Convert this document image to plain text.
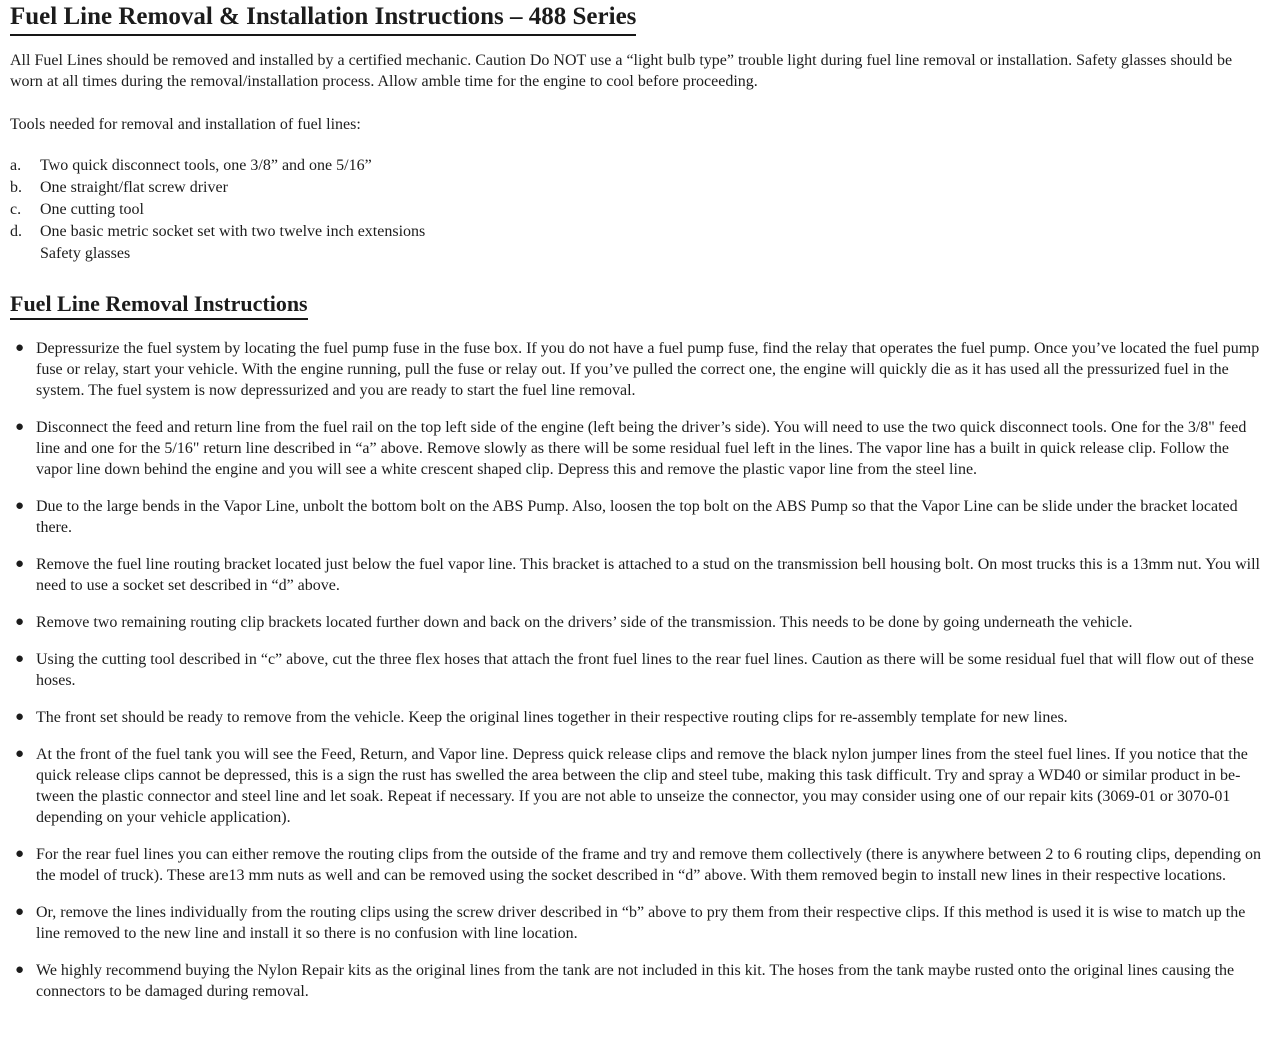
Fuel Line Removal & Installation Instructions – 488 Series

All Fuel Lines should be removed and installed by a certified mechanic. Caution Do NOT use a “light bulb type” trouble light during fuel line removal or installation. Safety glasses should be worn at all times during the removal/installation process. Allow amble time for the engine to cool before proceeding.

Tools needed for removal and installation of fuel lines:

a.	Two quick disconnect tools, one 3/8” and one 5/16”
b.	One straight/flat screw driver
c.	One cutting tool
d.	One basic metric socket set with two twelve inch extensions
Safety glasses
Fuel Line Removal Instructions
● Depressurize the fuel system by locating the fuel pump fuse in the fuse box. If you do not have a fuel pump fuse, find the relay that operates the fuel pump. Once you’ve located the fuel pump fuse or relay, start your vehicle. With the engine running, pull the fuse or relay out. If you’ve pulled the correct one, the engine will quickly die as it has used all the pressurized fuel in the system. The fuel system is now depressurized and you are ready to start the fuel line removal.
● Disconnect the feed and return line from the fuel rail on the top left side of the engine (left being the driver’s side). You will need to use the two quick disconnect tools. One for the 3/8" feed line and one for the 5/16" return line described in “a” above. Remove slowly as there will be some residual fuel left in the lines. The vapor line has a built in quick release clip. Follow the vapor line down behind the engine and you will see a white crescent shaped clip. Depress this and remove the plastic vapor line from the steel line.
● Due to the large bends in the Vapor Line, unbolt the bottom bolt on the ABS Pump. Also, loosen the top bolt on the ABS Pump so that the Vapor Line can be slide under the bracket located there.
● Remove the fuel line routing bracket located just below the fuel vapor line. This bracket is attached to a stud on the transmission bell housing bolt. On most trucks this is a 13mm nut. You will need to use a socket set described in “d” above.
● Remove two remaining routing clip brackets located further down and back on the drivers’ side of the transmission. This needs to be done by going underneath the vehicle.
● Using the cutting tool described in “c” above, cut the three flex hoses that attach the front fuel lines to the rear fuel lines. Caution as there will be some residual fuel that will flow out of these hoses.
● The front set should be ready to remove from the vehicle. Keep the original lines together in their respective routing clips for re-assembly template for new lines.
● At the front of the fuel tank you will see the Feed, Return, and Vapor line. Depress quick release clips and remove the black nylon jumper lines from the steel fuel lines. If you notice that the quick release clips cannot be depressed, this is a sign the rust has swelled the area between the clip and steel tube, making this task difficult. Try and spray a WD40 or similar product in be-tween the plastic connector and steel line and let soak. Repeat if necessary. If you are not able to unseize the connector, you may consider using one of our repair kits (3069-01 or 3070-01 depending on your vehicle application).
● For the rear fuel lines you can either remove the routing clips from the outside of the frame and try and remove them collectively (there is anywhere between 2 to 6 routing clips, depending on the model of truck). These are13 mm nuts as well and can be removed using the socket described in “d” above. With them removed begin to install new lines in their respective locations.
● Or, remove the lines individually from the routing clips using the screw driver described in “b” above to pry them from their respective clips. If this method is used it is wise to match up the line removed to the new line and install it so there is no confusion with line location.
● We highly recommend buying the Nylon Repair kits as the original lines from the tank are not included in this kit. The hoses from the tank maybe rusted onto the original lines causing the connectors to be damaged during removal.
